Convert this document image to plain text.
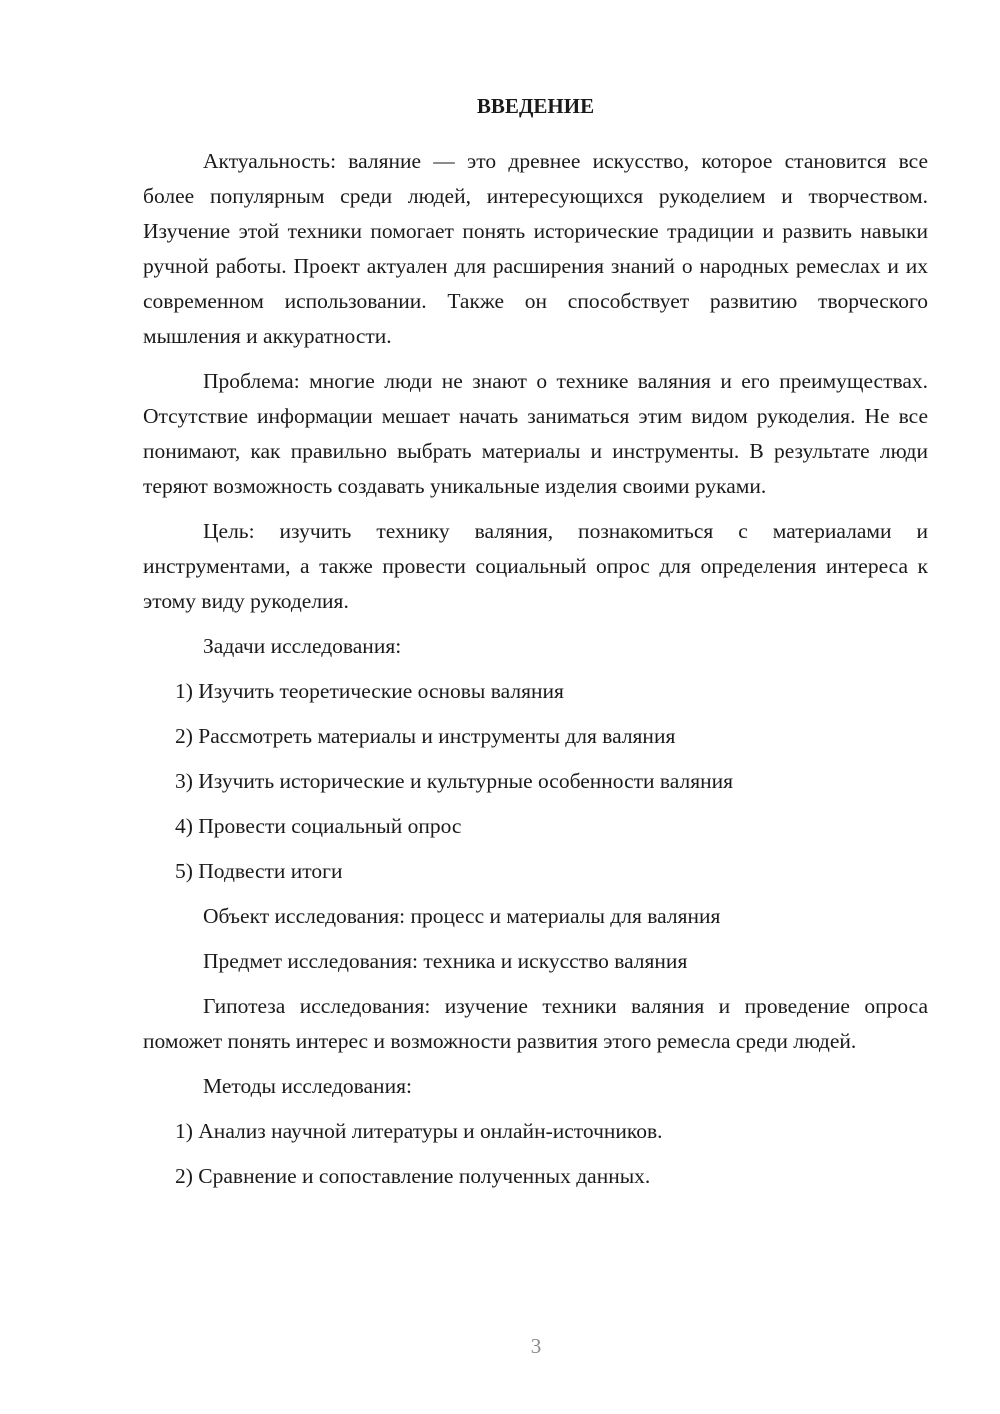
ВВЕДЕНИЕ

Актуальность: валяние — это древнее искусство, которое становится все более популярным среди людей, интересующихся рукоделием и творчеством. Изучение этой техники помогает понять исторические традиции и развить навыки ручной работы. Проект актуален для расширения знаний о народных ремеслах и их современном использовании. Также он способствует развитию творческого мышления и аккуратности.

Проблема: многие люди не знают о технике валяния и его преимуществах. Отсутствие информации мешает начать заниматься этим видом рукоделия. Не все понимают, как правильно выбрать материалы и инструменты. В результате люди теряют возможность создавать уникальные изделия своими руками.

Цель: изучить технику валяния, познакомиться с материалами и инструментами, а также провести социальный опрос для определения интереса к этому виду рукоделия.

Задачи исследования:
1) Изучить теоретические основы валяния
2) Рассмотреть материалы и инструменты для валяния
3) Изучить исторические и культурные особенности валяния
4) Провести социальный опрос
5) Подвести итоги
Объект исследования: процесс и материалы для валяния
Предмет исследования: техника и искусство валяния

Гипотеза исследования: изучение техники валяния и проведение опроса поможет понять интерес и возможности развития этого ремесла среди людей.

Методы исследования:
1) Анализ научной литературы и онлайн-источников.
2) Сравнение и сопоставление полученных данных.
3
